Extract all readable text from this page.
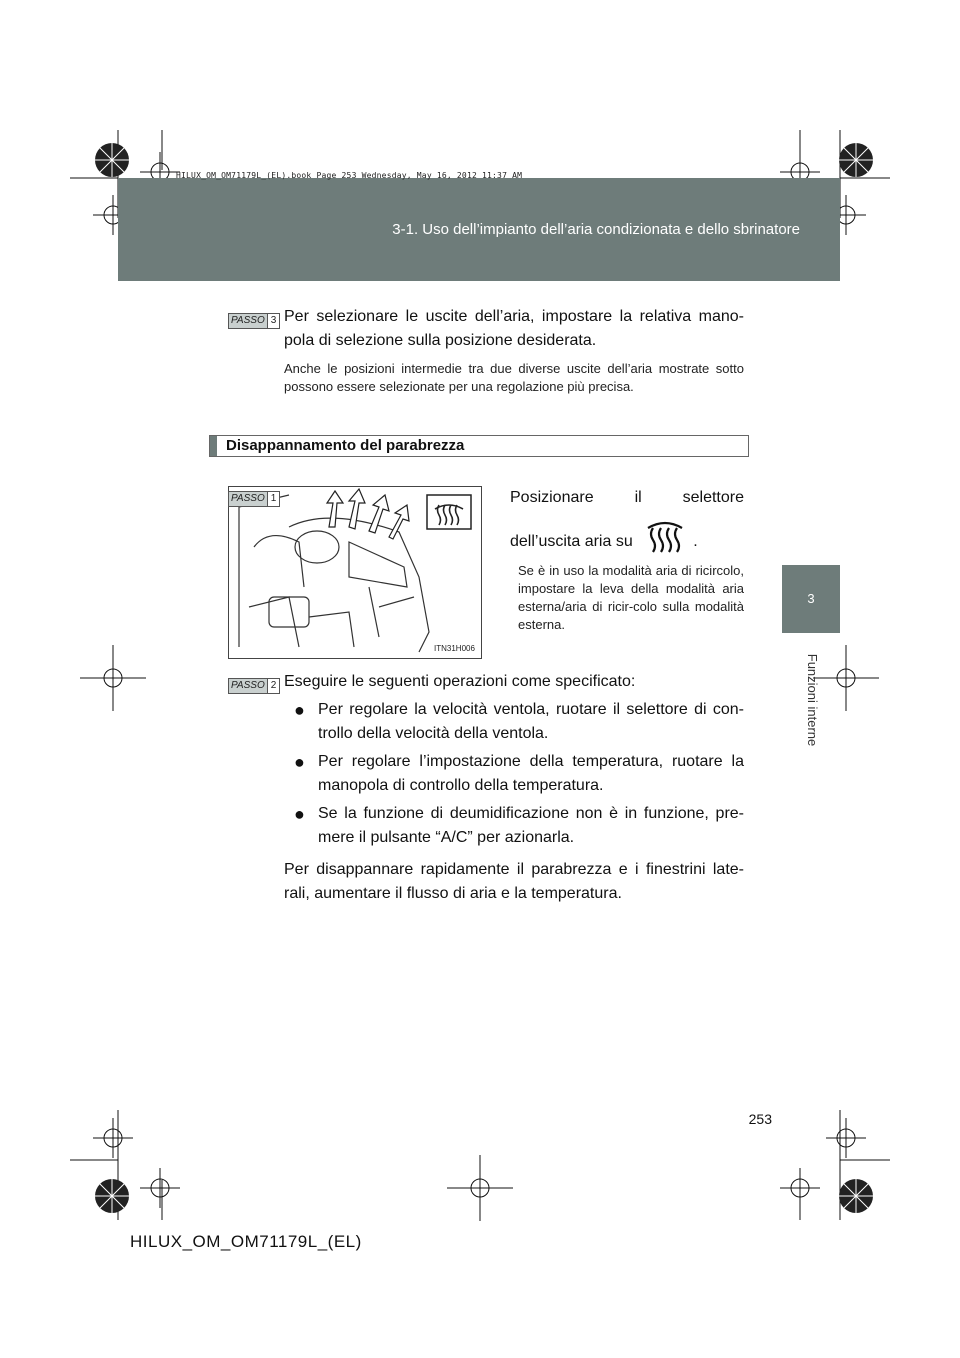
HILUX_OM_OM71179L_(EL).book Page 253 Wednesday, May 16, 2012 11:37 AM
3-1. Uso dell’impianto dell’aria condizionata e dello sbrinatore
3
Funzioni interne
PASSO 3 Per selezionare le uscite dell’aria, impostare la relativa mano-pola di selezione sulla posizione desiderata.
Anche le posizioni intermedie tra due diverse uscite dell’aria mostrate sotto possono essere selezionate per una regolazione più precisa.
Disappannamento del parabrezza
ITN31H006
PASSO 1	Posizionare il selettore dell’uscita aria su	.
Se è in uso la modalità aria di ricircolo, impostare la leva della modalità aria esterna/aria di ricir-colo sulla modalità esterna.
PASSO 2 Eseguire le seguenti operazioni come specificato:
● Per regolare la velocità ventola, ruotare il selettore di con-trollo della velocità della ventola.
● Per regolare l’impostazione della temperatura, ruotare la manopola di controllo della temperatura.
● Se la funzione di deumidificazione non è in funzione, pre-mere il pulsante “A/C” per azionarla.
Per disappannare rapidamente il parabrezza e i finestrini late-rali, aumentare il flusso di aria e la temperatura.
253
HILUX_OM_OM71179L_(EL)
